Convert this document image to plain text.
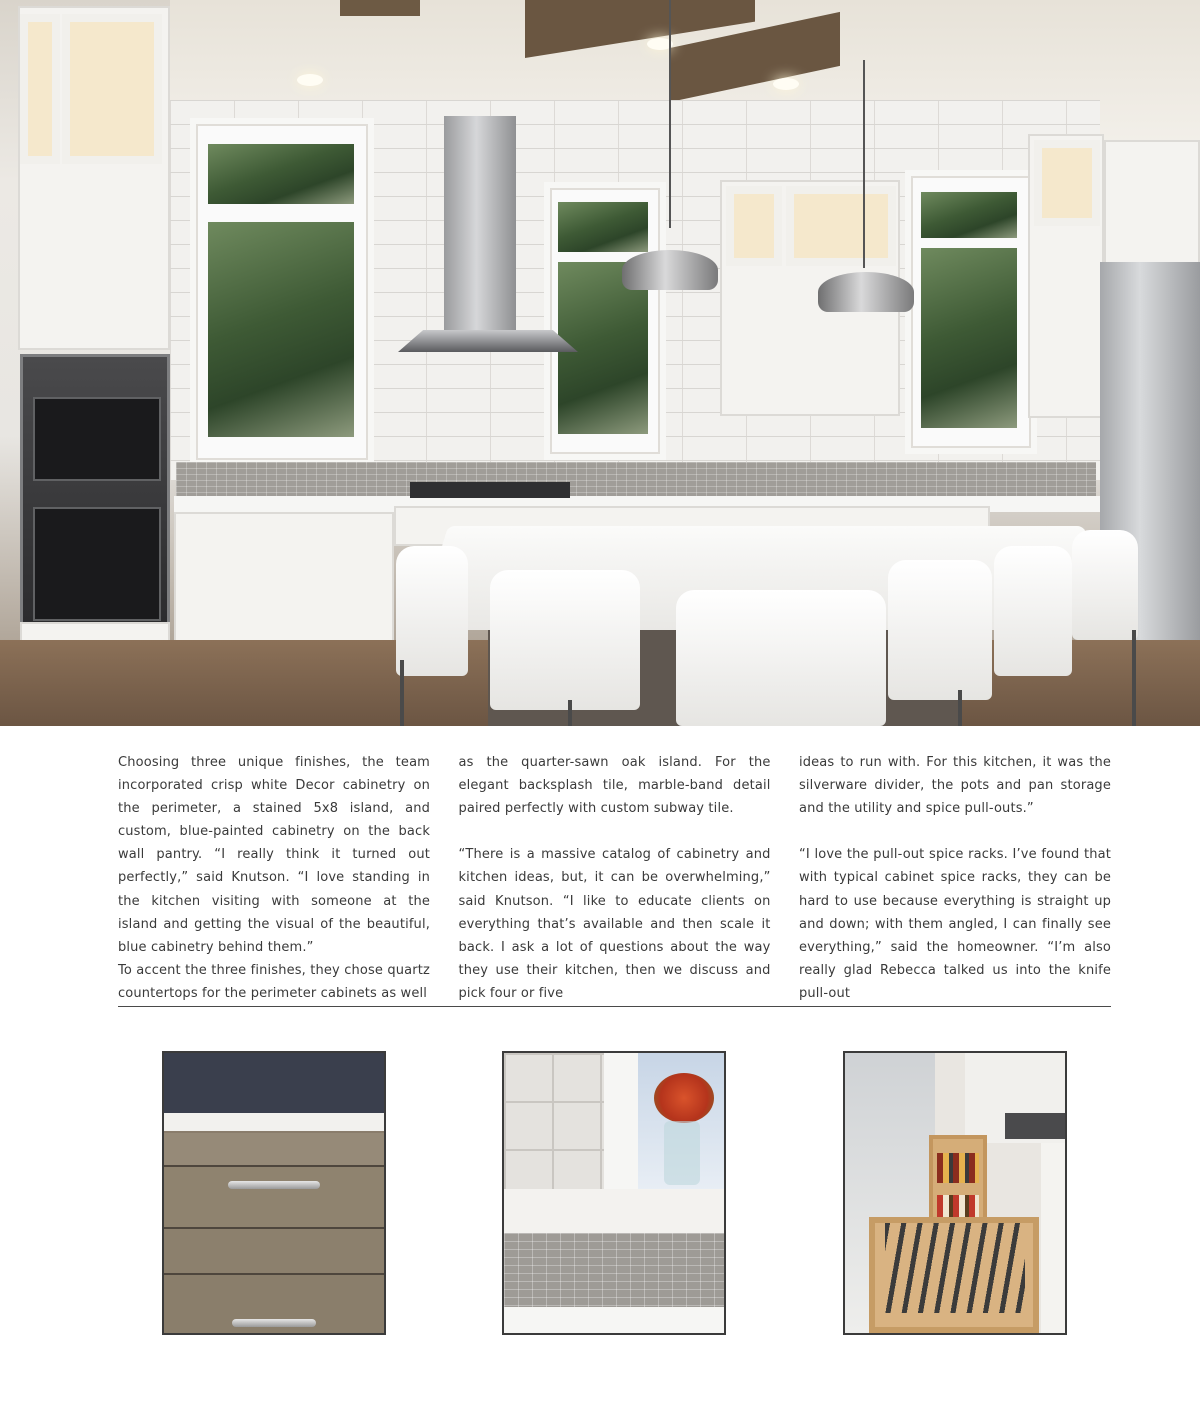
Choosing three unique finishes, the team incorporated crisp white Decor cabinetry on the perimeter, a stained 5x8 island, and custom, blue-painted cabinetry on the back wall pantry. “I really think it turned out perfectly,” said Knutson. “I love standing in the kitchen visiting with someone at the island and getting the visual of the beautiful, blue cabinetry behind them.”

To accent the three finishes, they chose quartz countertops for the perimeter cabinets as well

as the quarter-sawn oak island. For the elegant backsplash tile, marble-band detail paired perfectly with custom subway tile.

“There is a massive catalog of cabinetry and kitchen ideas, but, it can be overwhelming,” said Knutson. “I like to educate clients on everything that’s available and then scale it back. I ask a lot of questions about the way they use their kitchen, then we discuss and pick four or five

ideas to run with. For this kitchen, it was the silverware divider, the pots and pan storage and the utility and spice pull-outs.”

“I love the pull-out spice racks. I’ve found that with typical cabinet spice racks, they can be hard to use because everything is straight up and down; with them angled, I can finally see everything,” said the homeowner. “I’m also really glad Rebecca talked us into the knife pull-out
